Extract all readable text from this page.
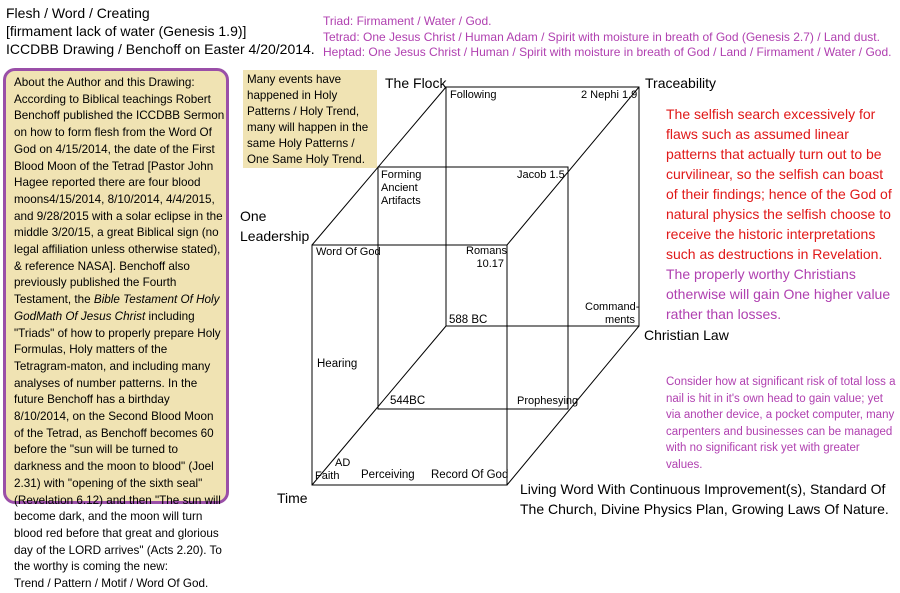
Flesh / Word / Creating
[firmament lack of water (Genesis 1.9)]
ICCDBB Drawing / Benchoff on Easter 4/20/2014.
Triad: Firmament / Water / God.
Tetrad: One Jesus Christ / Human Adam / Spirit with moisture in breath of God (Genesis 2.7) / Land dust.
Heptad: One Jesus Christ / Human / Spirit with moisture in breath of God / Land / Firmament / Water / God.
About the Author and this Drawing: According to Biblical teachings Robert Benchoff published the ICCDBB Sermon on how to form flesh from the Word Of God on 4/15/2014, the date of the First Blood Moon of the Tetrad [Pastor John Hagee reported there are four blood moons4/15/2014, 8/10/2014, 4/4/2015, and 9/28/2015 with a solar eclipse in the middle 3/20/15, a great Biblical sign (no legal affiliation unless otherwise stated), & reference NASA]. Benchoff also previously published the Fourth Testament, the Bible Testament Of Holy GodMath Of Jesus Christ including "Triads" of how to properly prepare Holy Formulas, Holy matters of the Tetragram-maton, and including many analyses of number patterns. In the future Benchoff has a birthday 8/10/2014, on the Second Blood Moon of the Tetrad, as Benchoff becomes 60 before the "sun will be turned to darkness and the moon to blood" (Joel 2.31) with "opening of the sixth seal" (Revelation 6.12) and then "The sun will become dark, and the moon will turn blood red before that great and glorious day of the LORD arrives" (Acts 2.20). To the worthy is coming the new:
Trend / Pattern / Motif / Word Of God.
Many events have happened in Holy Patterns / Holy Trend, many will happen in the same Holy Patterns / One Same Holy Trend.
The Flock	Traceability
One
Leadership
Christian Law
Time
Following	2 Nephi 1.9
Forming
Ancient
Artifacts
Jacob 1.5
Word Of God	Romans
10.17
Command-
ments
588 BC
Hearing
544BC	Prophesying
AD
Faith Perceiving Record Of God
The selfish search excessively for flaws such as assumed linear patterns that actually turn out to be curvilinear, so the selfish can boast of their findings; hence of the God of natural physics the selfish choose to receive the historic interpretations such as destructions in Revelation. The properly worthy Christians otherwise will gain One higher value rather than losses.
Consider how at significant risk of total loss a nail is hit in it's own head to gain value; yet via another device, a pocket computer, many carpenters and businesses can be managed with no significant risk yet with greater values.
Living Word With Continuous Improvement(s), Standard Of The Church, Divine Physics Plan, Growing Laws Of Nature.
